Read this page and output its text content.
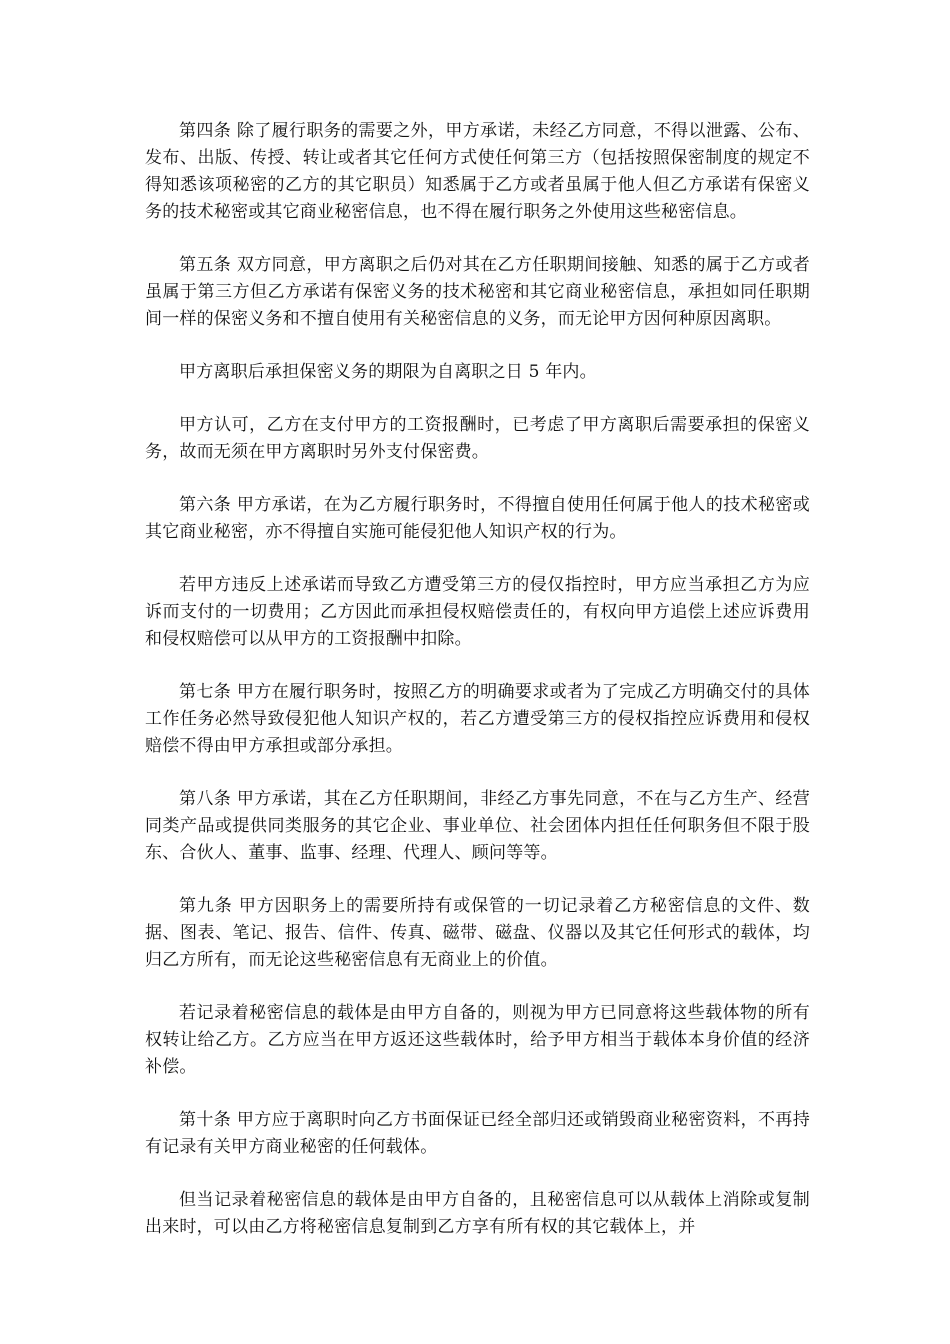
第四条 除了履行职务的需要之外，甲方承诺，未经乙方同意，不得以泄露、公布、发布、出版、传授、转让或者其它任何方式使任何第三方（包括按照保密制度的规定不得知悉该项秘密的乙方的其它职员）知悉属于乙方或者虽属于他人但乙方承诺有保密义务的技术秘密或其它商业秘密信息，也不得在履行职务之外使用这些秘密信息。

第五条 双方同意，甲方离职之后仍对其在乙方任职期间接触、知悉的属于乙方或者虽属于第三方但乙方承诺有保密义务的技术秘密和其它商业秘密信息，承担如同任职期间一样的保密义务和不擅自使用有关秘密信息的义务，而无论甲方因何种原因离职。

甲方离职后承担保密义务的期限为自离职之日 5 年内。

甲方认可，乙方在支付甲方的工资报酬时，已考虑了甲方离职后需要承担的保密义务，故而无须在甲方离职时另外支付保密费。

第六条 甲方承诺，在为乙方履行职务时，不得擅自使用任何属于他人的技术秘密或其它商业秘密，亦不得擅自实施可能侵犯他人知识产权的行为。

若甲方违反上述承诺而导致乙方遭受第三方的侵仅指控时，甲方应当承担乙方为应诉而支付的一切费用；乙方因此而承担侵权赔偿责任的，有权向甲方追偿上述应诉费用和侵权赔偿可以从甲方的工资报酬中扣除。

第七条 甲方在履行职务时，按照乙方的明确要求或者为了完成乙方明确交付的具体工作任务必然导致侵犯他人知识产权的，若乙方遭受第三方的侵权指控应诉费用和侵权赔偿不得由甲方承担或部分承担。

第八条 甲方承诺，其在乙方任职期间，非经乙方事先同意，不在与乙方生产、经营同类产品或提供同类服务的其它企业、事业单位、社会团体内担任任何职务但不限于股东、合伙人、董事、监事、经理、代理人、顾问等等。

第九条 甲方因职务上的需要所持有或保管的一切记录着乙方秘密信息的文件、数据、图表、笔记、报告、信件、传真、磁带、磁盘、仪器以及其它任何形式的载体，均归乙方所有，而无论这些秘密信息有无商业上的价值。

若记录着秘密信息的载体是由甲方自备的，则视为甲方已同意将这些载体物的所有权转让给乙方。乙方应当在甲方返还这些载体时，给予甲方相当于载体本身价值的经济补偿。

第十条 甲方应于离职时向乙方书面保证已经全部归还或销毁商业秘密资料，不再持有记录有关甲方商业秘密的任何载体。

但当记录着秘密信息的载体是由甲方自备的，且秘密信息可以从载体上消除或复制出来时，可以由乙方将秘密信息复制到乙方享有所有权的其它载体上，并
